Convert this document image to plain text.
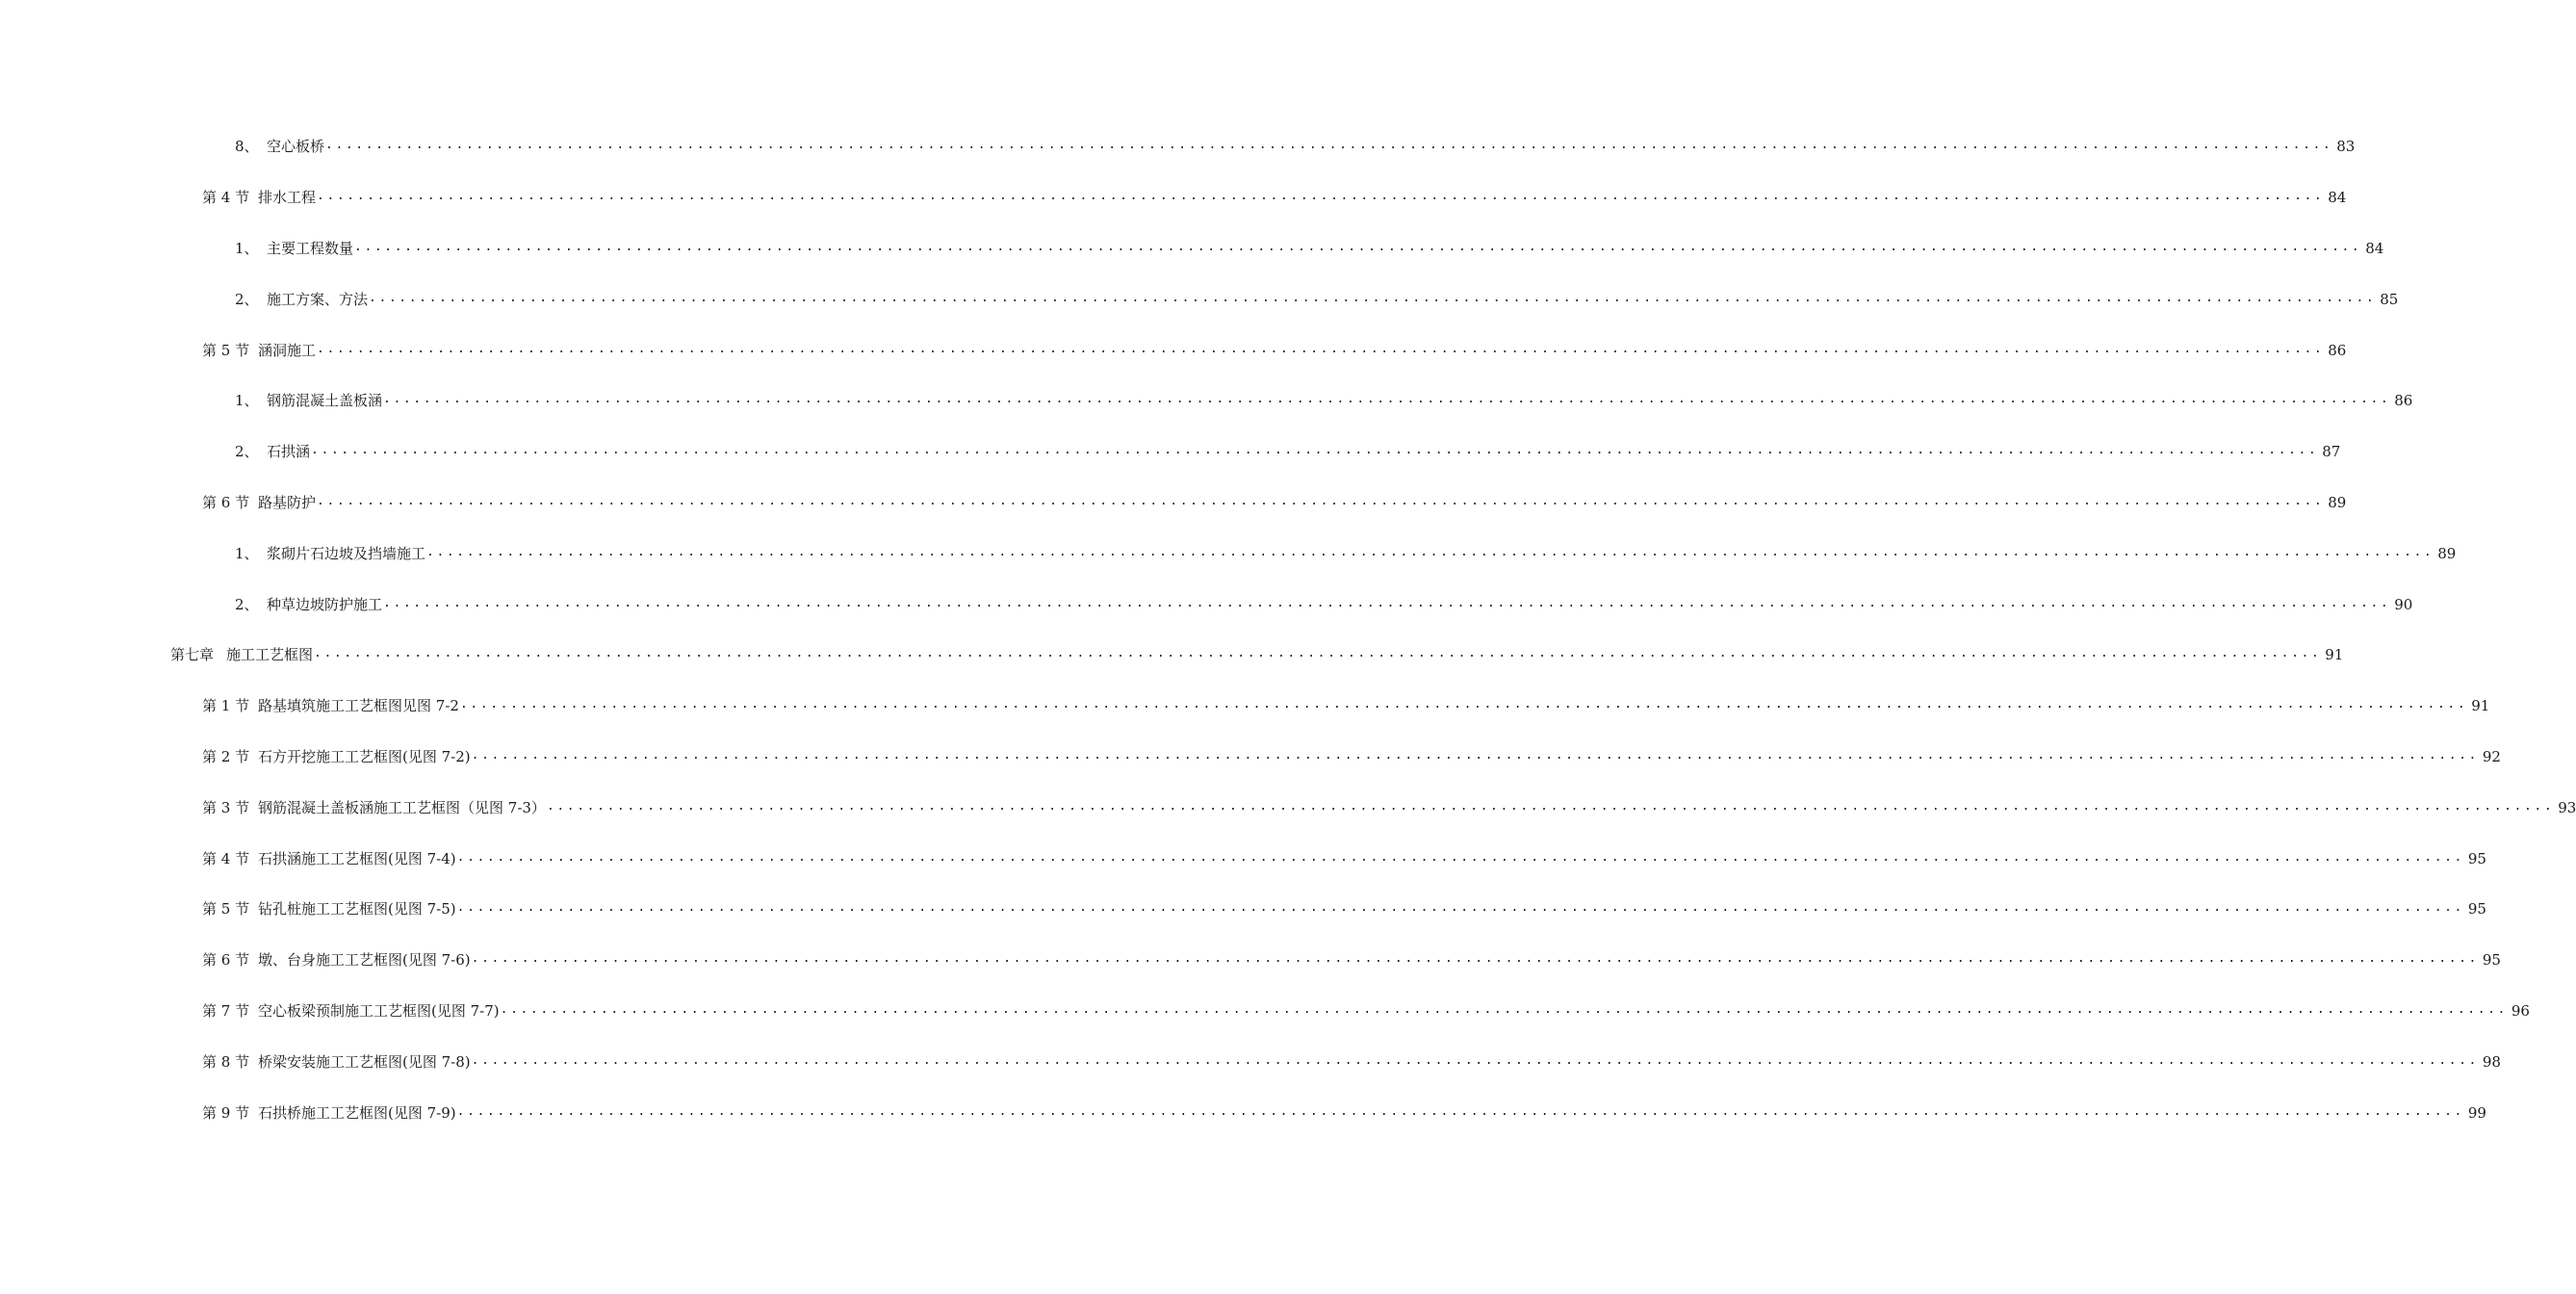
8、 空心板桥 ........................................................................................................................................................................................................ 83
第 4 节 排水工程 ........................................................................................................................................................................................................ 84
1、 主要工程数量 ........................................................................................................................................................................................................ 84
2、 施工方案、方法 ........................................................................................................................................................................................................ 85
第 5 节 涵洞施工 ........................................................................................................................................................................................................ 86
1、 钢筋混凝土盖板涵 ........................................................................................................................................................................................................ 86
2、 石拱涵 ........................................................................................................................................................................................................ 87
第 6 节 路基防护 ........................................................................................................................................................................................................ 89
1、 浆砌片石边坡及挡墙施工 ........................................................................................................................................................................................................ 89
2、 种草边坡防护施工 ........................................................................................................................................................................................................ 90
第七章 施工工艺框图 ........................................................................................................................................................................................................ 91
第 1 节 路基填筑施工工艺框图见图 7-2 ........................................................................................................................................................................................................ 91
第 2 节 石方开挖施工工艺框图(见图 7-2) ........................................................................................................................................................................................................ 92
第 3 节 钢筋混凝土盖板涵施工工艺框图（见图 7-3） ........................................................................................................................................................................................................ 93
第 4 节 石拱涵施工工艺框图(见图 7-4) ........................................................................................................................................................................................................ 95
第 5 节 钻孔桩施工工艺框图(见图 7-5) ........................................................................................................................................................................................................ 95
第 6 节 墩、台身施工工艺框图(见图 7-6) ........................................................................................................................................................................................................ 95
第 7 节 空心板梁预制施工工艺框图(见图 7-7) ........................................................................................................................................................................................................ 96
第 8 节 桥梁安装施工工艺框图(见图 7-8) ........................................................................................................................................................................................................ 98
第 9 节 石拱桥施工工艺框图(见图 7-9) ........................................................................................................................................................................................................ 99
